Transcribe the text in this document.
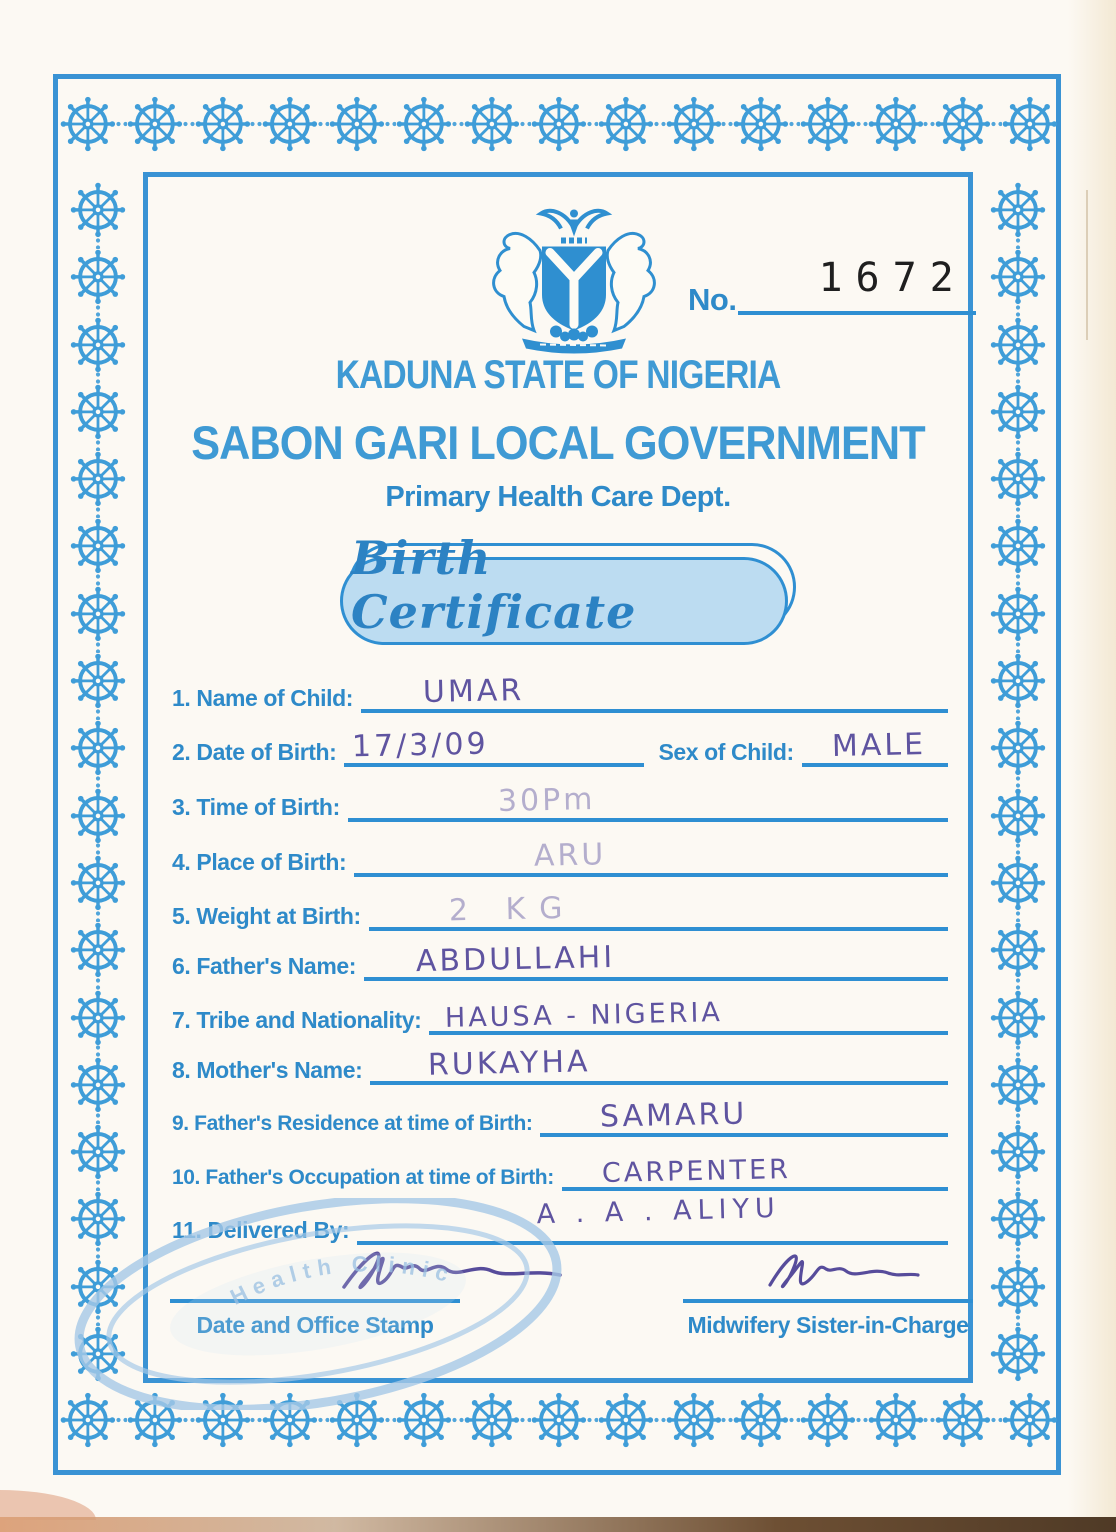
No. 1672
KADUNA STATE OF NIGERIA
SABON GARI LOCAL GOVERNMENT
Primary Health Care Dept.
Birth Certificate
1. Name of Child: UMAR
2. Date of Birth: 17/3/09	Sex of Child: MALE
3. Time of Birth:	30Pm
4. Place of Birth:	ARU
5. Weight at Birth:	2 KG
6. Father's Name: ABDULLAHI
7. Tribe and Nationality: HAUSA - NIGERIA
8. Mother's Name: RUKAYHA
9. Father's Residence at time of Birth: SAMARU
10. Father's Occupation at time of Birth: CARPENTER
11. Delivered By:	A . A . ALIYU
Date and Office Stamp	Midwifery Sister-in-Charge
Health Clinic
